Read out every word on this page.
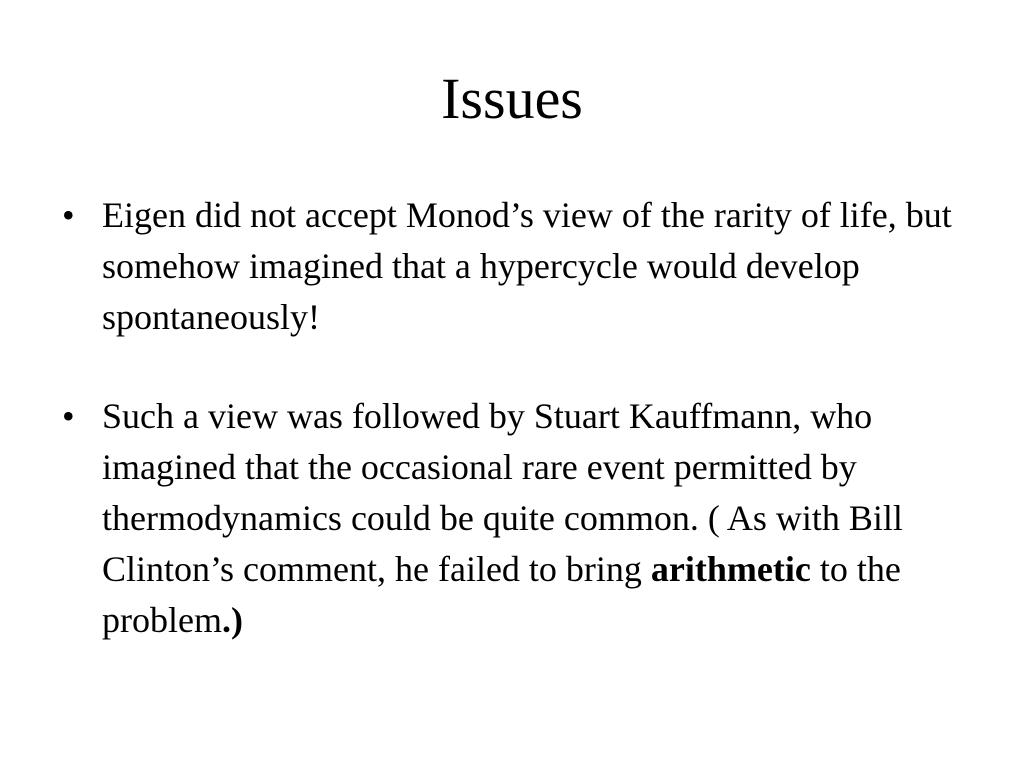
Issues
• Eigen did not accept Monod’s view of the rarity of life, but somehow imagined that a hypercycle would develop spontaneously!
• Such a view was followed by Stuart Kauffmann, who imagined that the occasional rare event permitted by thermodynamics could be quite common. ( As with Bill Clinton’s comment, he failed to bring arithmetic to the problem.)
